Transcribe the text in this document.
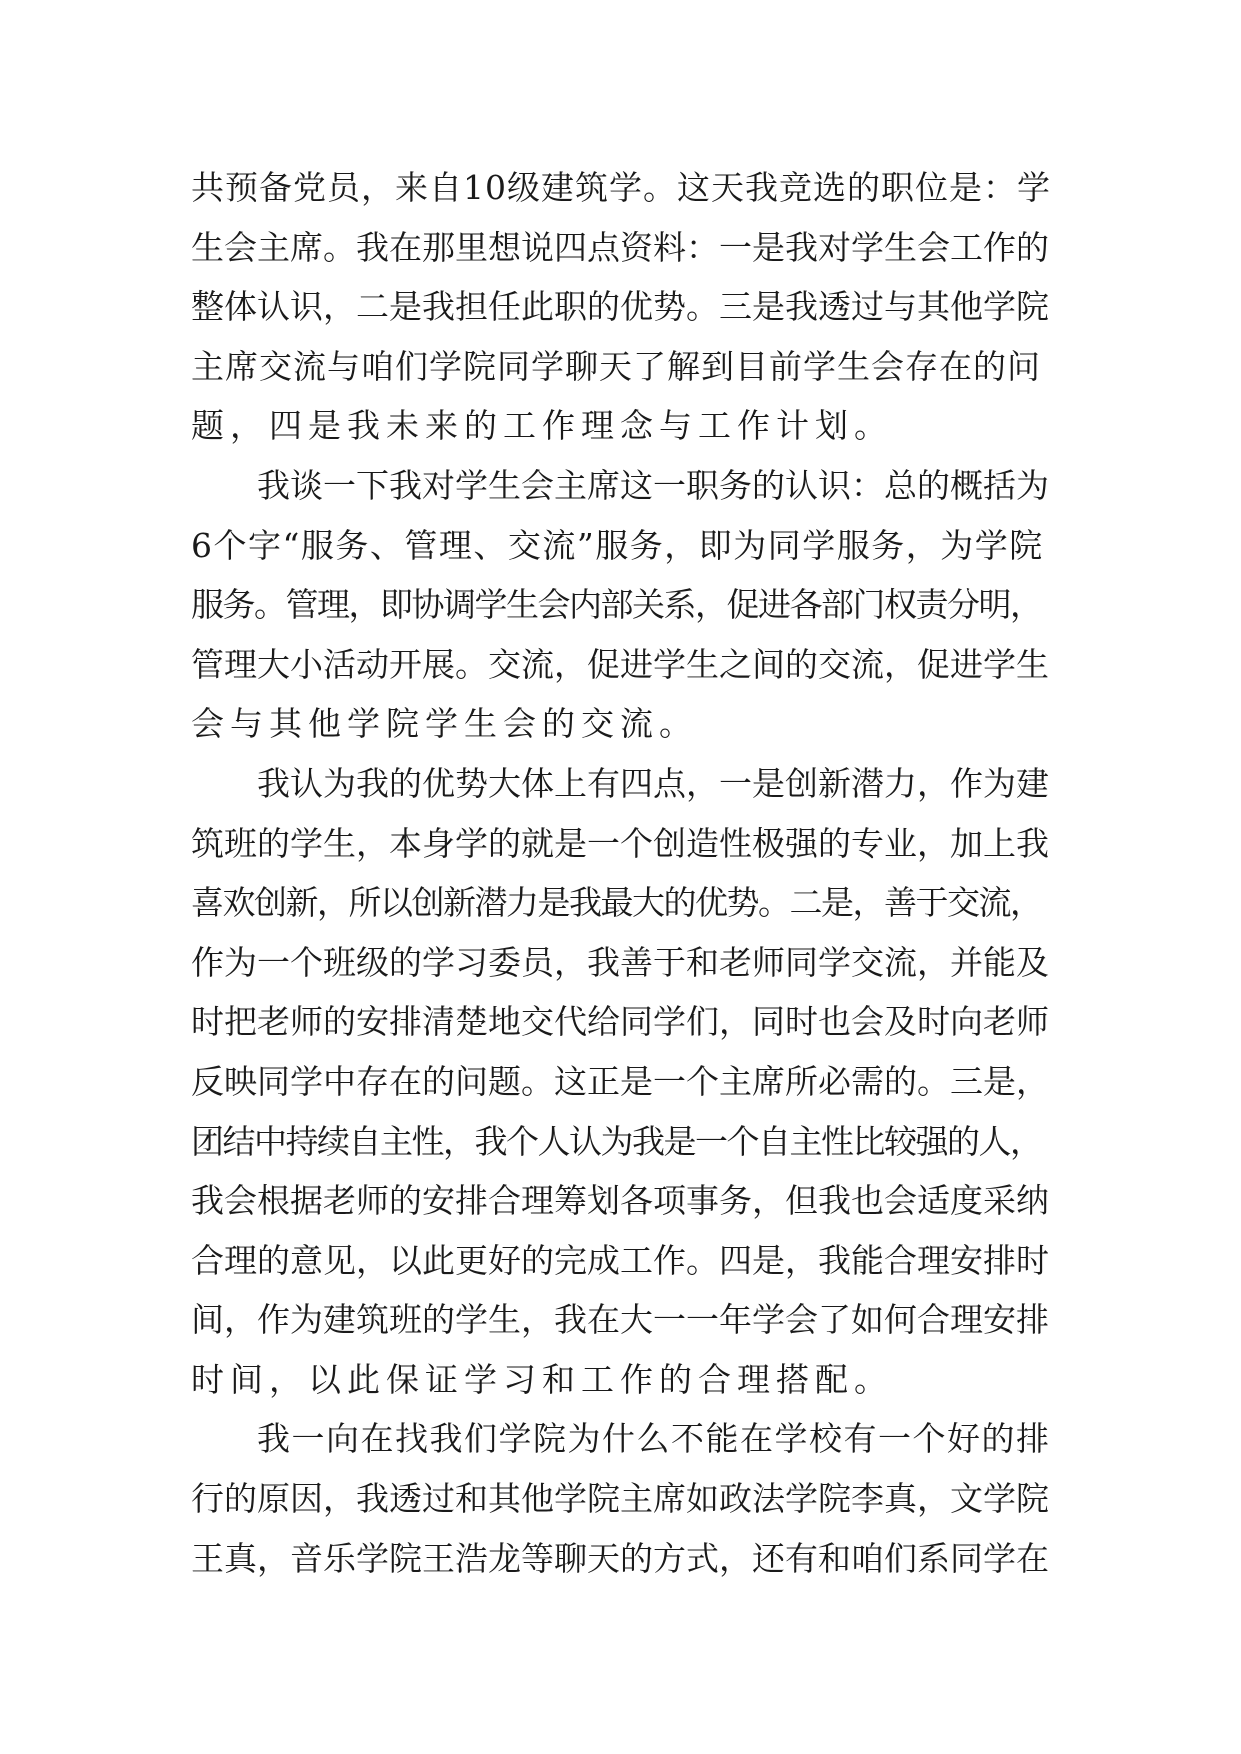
共预备党员，来自10级建筑学。这天我竞选的职位是：学
生会主席。我在那里想说四点资料：一是我对学生会工作的
整体认识，二是我担任此职的优势。三是我透过与其他学院
主席交流与咱们学院同学聊天了解到目前学生会存在的问
题，四是我未来的工作理念与工作计划。
我谈一下我对学生会主席这一职务的认识：总的概括为
6个字“服务、管理、交流”服务，即为同学服务，为学院
服务。管理，即协调学生会内部关系，促进各部门权责分明，
管理大小活动开展。交流，促进学生之间的交流，促进学生
会与其他学院学生会的交流。
我认为我的优势大体上有四点，一是创新潜力，作为建
筑班的学生，本身学的就是一个创造性极强的专业，加上我
喜欢创新，所以创新潜力是我最大的优势。二是，善于交流，
作为一个班级的学习委员，我善于和老师同学交流，并能及
时把老师的安排清楚地交代给同学们，同时也会及时向老师
反映同学中存在的问题。这正是一个主席所必需的。三是，
团结中持续自主性，我个人认为我是一个自主性比较强的人，
我会根据老师的安排合理筹划各项事务，但我也会适度采纳
合理的意见，以此更好的完成工作。四是，我能合理安排时
间，作为建筑班的学生，我在大一一年学会了如何合理安排
时间，以此保证学习和工作的合理搭配。
我一向在找我们学院为什么不能在学校有一个好的排
行的原因，我透过和其他学院主席如政法学院李真，文学院
王真，音乐学院王浩龙等聊天的方式，还有和咱们系同学在
